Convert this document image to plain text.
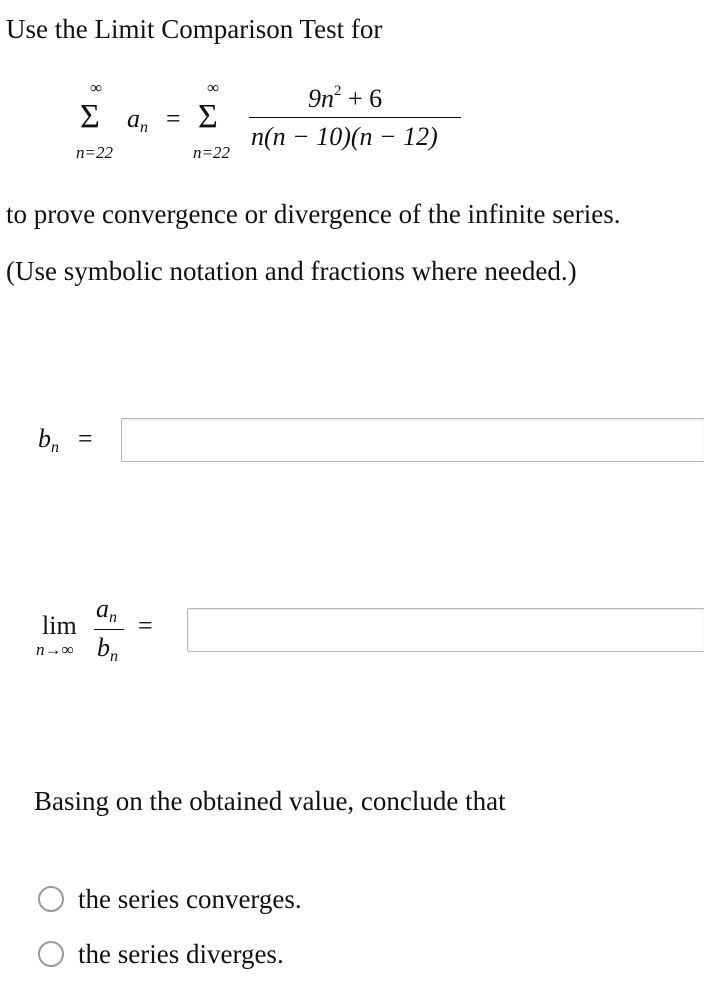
Use the Limit Comparison Test for
∞
Σ
n=22
an =
∞
Σ
n=22
$9n^2 + 6$
n(n − 10)(n − 12)
to prove convergence or divergence of the infinite series.
(Use symbolic notation and fractions where needed.)
bn =
lim
n→∞
an
bn
=
Basing on the obtained value, conclude that
the series converges.
the series diverges.
